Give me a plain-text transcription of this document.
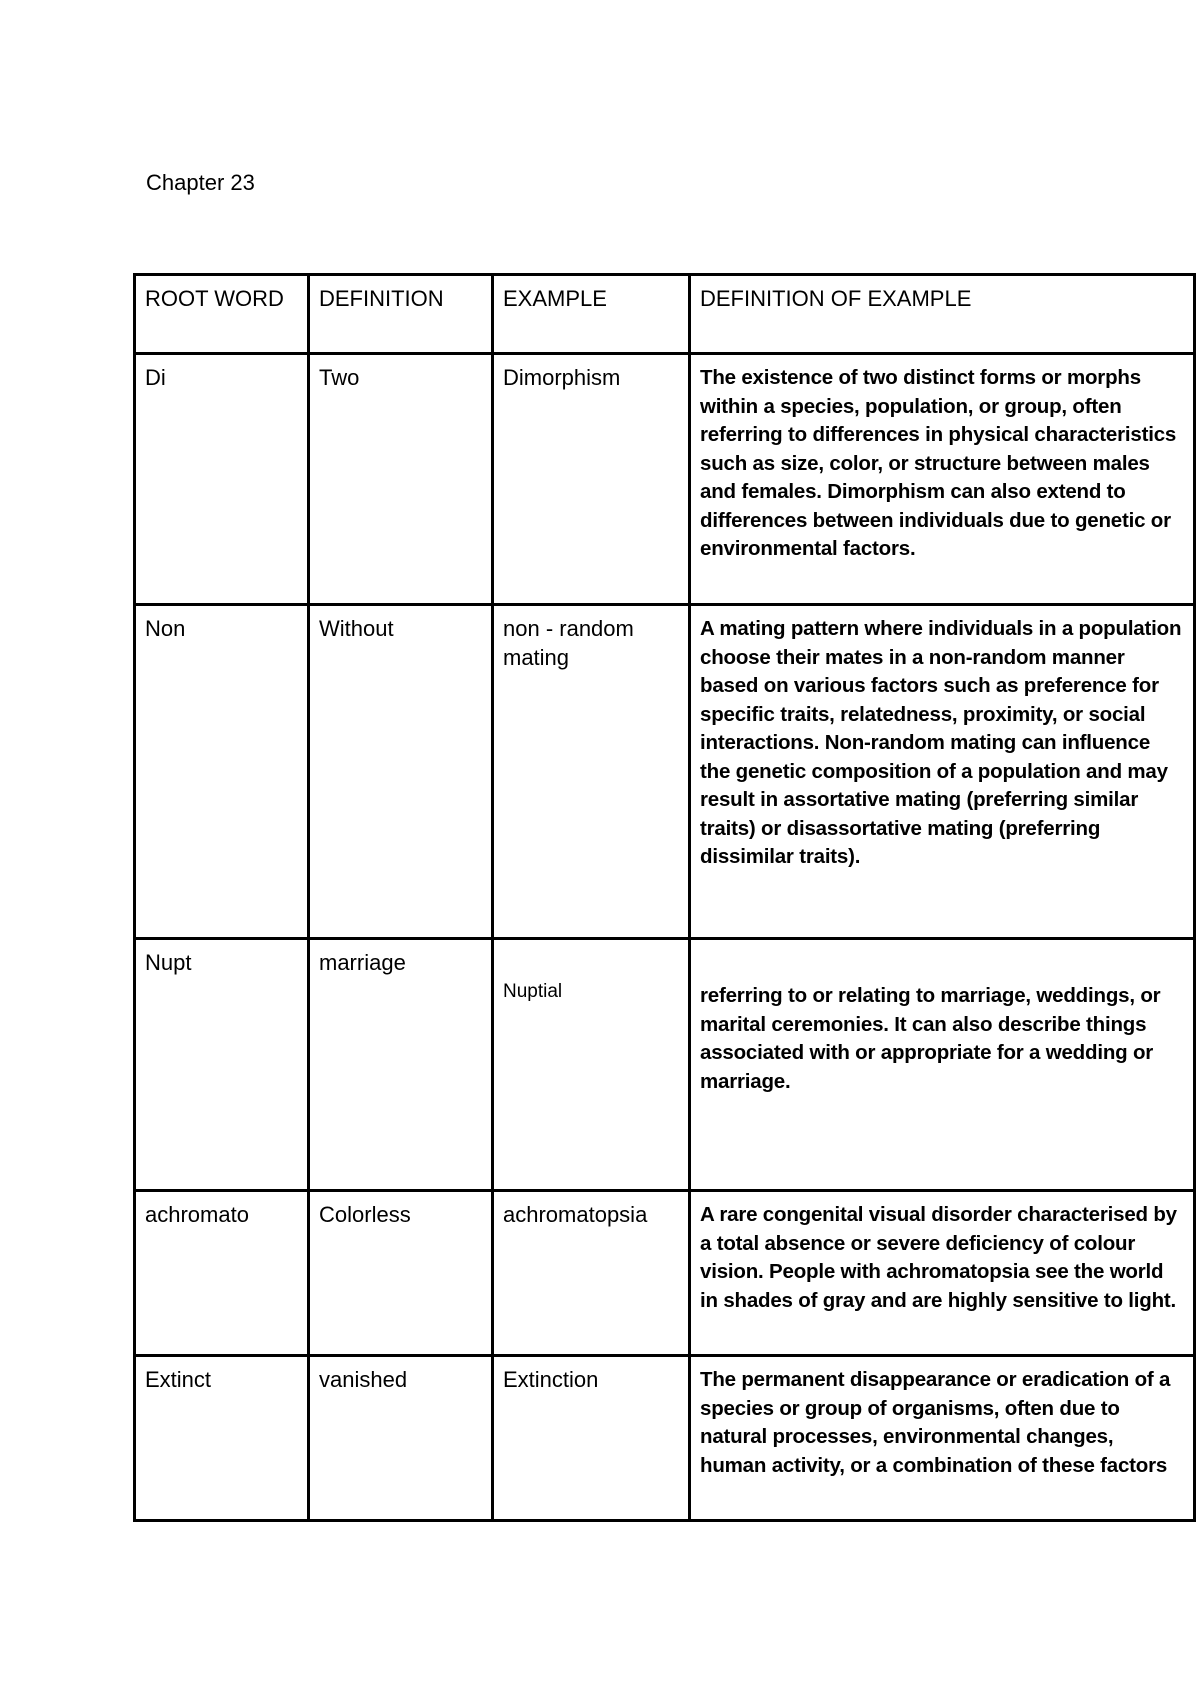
Chapter 23
ROOT WORD	DEFINITION	EXAMPLE	DEFINITION OF EXAMPLE
Di	Two	Dimorphism	The existence of two distinct forms or morphs within a species, population, or group, often referring to differences in physical characteristics such as size, color, or structure between males and females. Dimorphism can also extend to differences between individuals due to genetic or environmental factors.
Non	Without	non - random mating	A mating pattern where individuals in a population choose their mates in a non-random manner based on various factors such as preference for specific traits, relatedness, proximity, or social interactions. Non-random mating can influence the genetic composition of a population and may result in assortative mating (preferring similar traits) or disassortative mating (preferring dissimilar traits).
Nupt	marriage	Nuptial	referring to or relating to marriage, weddings, or marital ceremonies. It can also describe things associated with or appropriate for a wedding or marriage.
achromato	Colorless	achromatopsia	A rare congenital visual disorder characterised by a total absence or severe deficiency of colour vision. People with achromatopsia see the world in shades of gray and are highly sensitive to light.
Extinct	vanished	Extinction	The permanent disappearance or eradication of a species or group of organisms, often due to natural processes, environmental changes, human activity, or a combination of these factors
